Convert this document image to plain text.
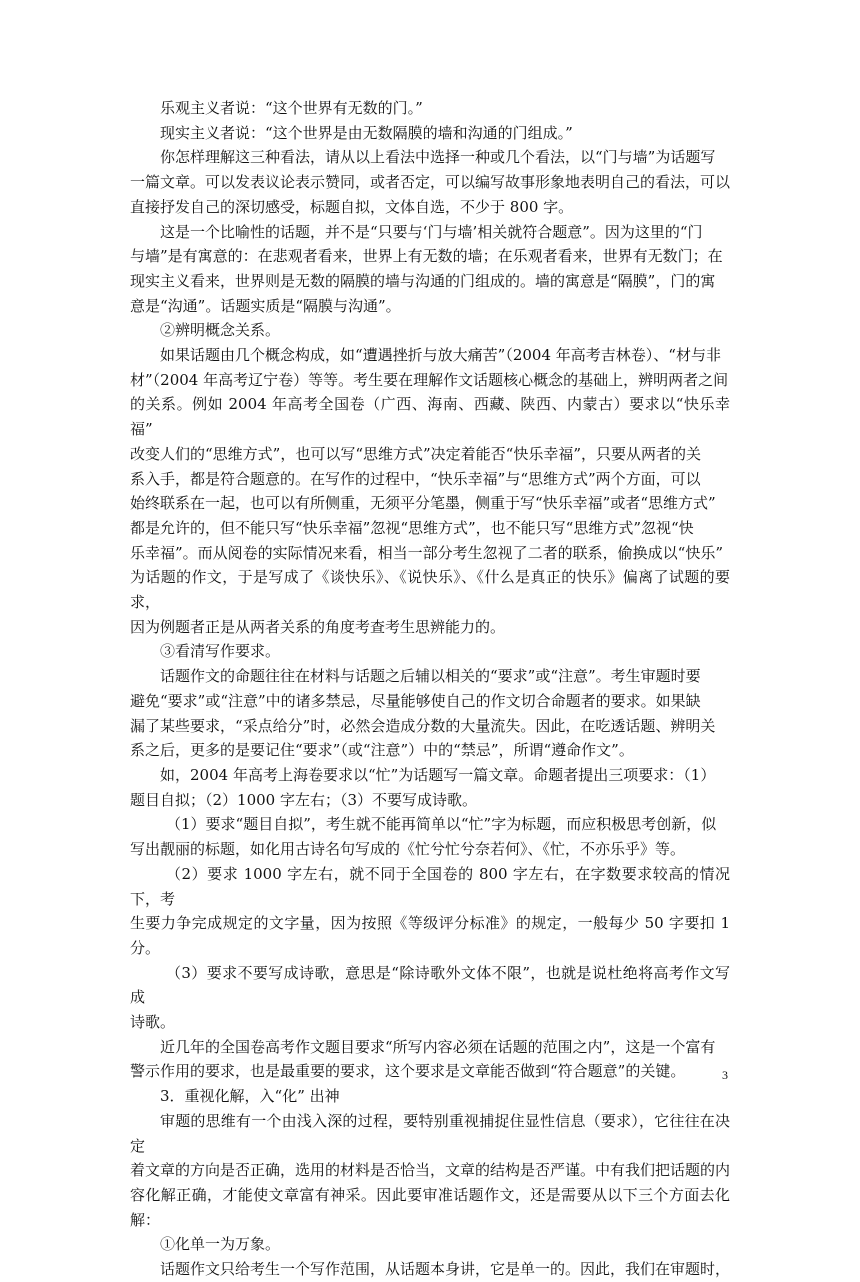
乐观主义者说：“这个世界有无数的门。”

现实主义者说：“这个世界是由无数隔膜的墙和沟通的门组成。”

你怎样理解这三种看法，请从以上看法中选择一种或几个看法，以“门与墙”为话题写
一篇文章。可以发表议论表示赞同，或者否定，可以编写故事形象地表明自己的看法，可以
直接抒发自己的深切感受，标题自拟，文体自选，不少于 800 字。

这是一个比喻性的话题，并不是“只要与‘门与墙’相关就符合题意”。因为这里的“门
与墙”是有寓意的：在悲观者看来，世界上有无数的墙；在乐观者看来，世界有无数门；在
现实主义看来，世界则是无数的隔膜的墙与沟通的门组成的。墙的寓意是“隔膜”，门的寓
意是“沟通”。话题实质是“隔膜与沟通”。

②辨明概念关系。

如果话题由几个概念构成，如“遭遇挫折与放大痛苦”（2004 年高考吉林卷）、“材与非
材”（2004 年高考辽宁卷）等等。考生要在理解作文话题核心概念的基础上，辨明两者之间
的关系。例如 2004 年高考全国卷（广西、海南、西藏、陕西、内蒙古）要求以“快乐幸福”
改变人们的“思维方式”，也可以写“思维方式”决定着能否“快乐幸福”，只要从两者的关
系入手，都是符合题意的。在写作的过程中，“快乐幸福”与“思维方式”两个方面，可以
始终联系在一起，也可以有所侧重，无须平分笔墨，侧重于写“快乐幸福”或者“思维方式”
都是允许的，但不能只写“快乐幸福”忽视“思维方式”，也不能只写“思维方式”忽视“快
乐幸福”。而从阅卷的实际情况来看，相当一部分考生忽视了二者的联系，偷换成以“快乐”
为话题的作文，于是写成了《谈快乐》、《说快乐》、《什么是真正的快乐》偏离了试题的要求，
因为例题者正是从两者关系的角度考查考生思辨能力的。

③看清写作要求。

话题作文的命题往往在材料与话题之后辅以相关的“要求”或“注意”。考生审题时要
避免“要求”或“注意”中的诸多禁忌，尽量能够使自己的作文切合命题者的要求。如果缺
漏了某些要求，“采点给分”时，必然会造成分数的大量流失。因此，在吃透话题、辨明关
系之后，更多的是要记住“要求”（或“注意”）中的“禁忌”，所谓“遵命作文”。

如，2004 年高考上海卷要求以“忙”为话题写一篇文章。命题者提出三项要求：（1）
题目自拟；（2）1000 字左右；（3）不要写成诗歌。

（1）要求“题目自拟”，考生就不能再简单以“忙”字为标题，而应积极思考创新，似
写出靓丽的标题，如化用古诗名句写成的《忙兮忙兮奈若何》、《忙，不亦乐乎》等。

（2）要求 1000 字左右，就不同于全国卷的 800 字左右，在字数要求较高的情况下，考
生要力争完成规定的文字量，因为按照《等级评分标准》的规定，一般每少 50 字要扣 1 分。

（3）要求不要写成诗歌，意思是“除诗歌外文体不限”，也就是说杜绝将高考作文写成
诗歌。

近几年的全国卷高考作文题目要求“所写内容必须在话题的范围之内”，这是一个富有
警示作用的要求，也是最重要的要求，这个要求是文章能否做到“符合题意”的关键。

3．重视化解，入“化” 出神

审题的思维有一个由浅入深的过程，要特别重视捕捉住显性信息（要求），它往往在决定
着文章的方向是否正确，选用的材料是否恰当，文章的结构是否严谨。中有我们把话题的内
容化解正确，才能使文章富有神采。因此要审准话题作文，还是需要从以下三个方面去化解：

①化单一为万象。

话题作文只给考生一个写作范围，从话题本身讲，它是单一的。因此，我们在审题时，

3
